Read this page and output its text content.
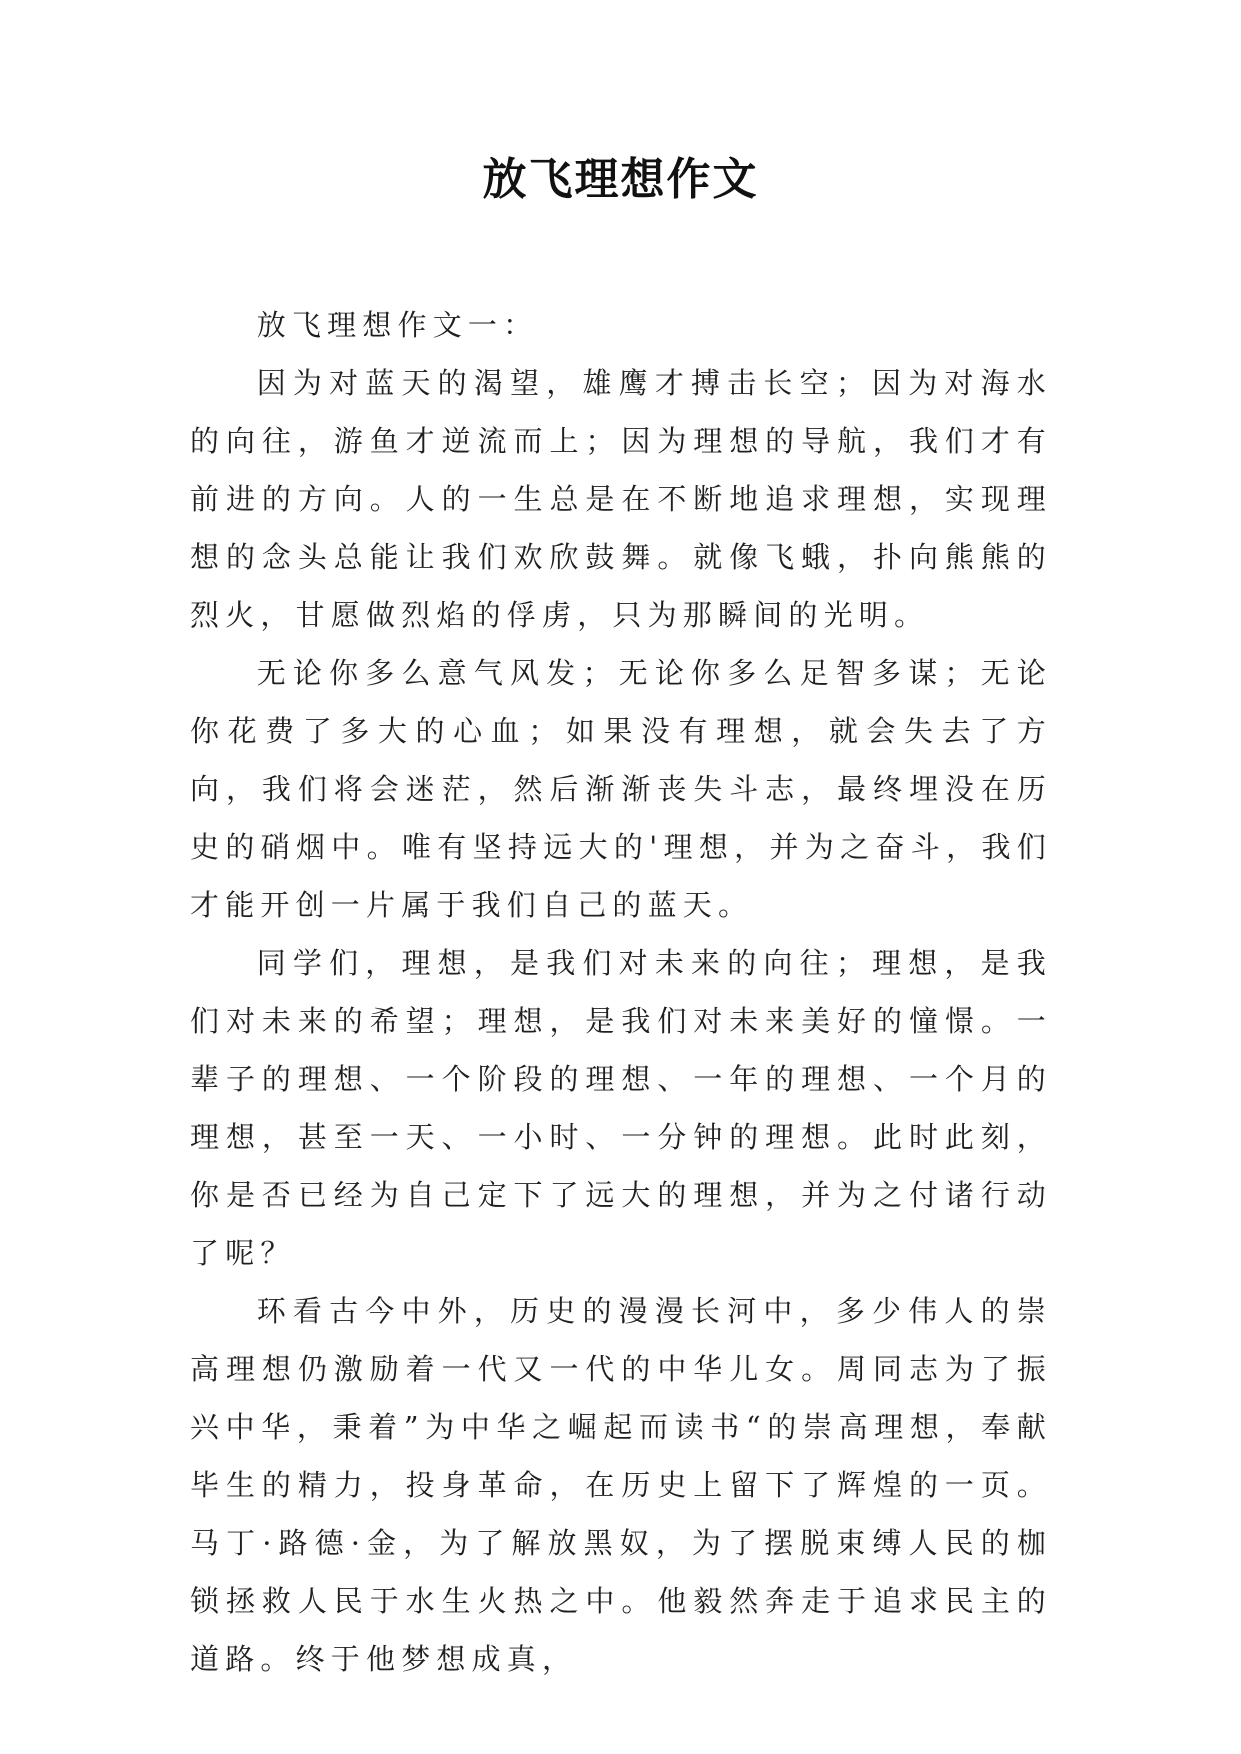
放飞理想作文

放飞理想作文一：

因为对蓝天的渴望，雄鹰才搏击长空；因为对海水的向往，游鱼才逆流而上；因为理想的导航，我们才有前进的方向。人的一生总是在不断地追求理想，实现理想的念头总能让我们欢欣鼓舞。就像飞蛾，扑向熊熊的烈火，甘愿做烈焰的俘虏，只为那瞬间的光明。

无论你多么意气风发；无论你多么足智多谋；无论你花费了多大的心血；如果没有理想，就会失去了方向，我们将会迷茫，然后渐渐丧失斗志，最终埋没在历史的硝烟中。唯有坚持远大的'理想，并为之奋斗，我们才能开创一片属于我们自己的蓝天。

同学们，理想，是我们对未来的向往；理想，是我们对未来的希望；理想，是我们对未来美好的憧憬。一辈子的理想、一个阶段的理想、一年的理想、一个月的理想，甚至一天、一小时、一分钟的理想。此时此刻，你是否已经为自己定下了远大的理想，并为之付诸行动了呢？

环看古今中外，历史的漫漫长河中，多少伟人的崇高理想仍激励着一代又一代的中华儿女。周同志为了振兴中华，秉着”为中华之崛起而读书“的崇高理想，奉献毕生的精力，投身革命，在历史上留下了辉煌的一页。马丁·路德·金，为了解放黑奴，为了摆脱束缚人民的枷锁拯救人民于水生火热之中。他毅然奔走于追求民主的道路。终于他梦想成真，
